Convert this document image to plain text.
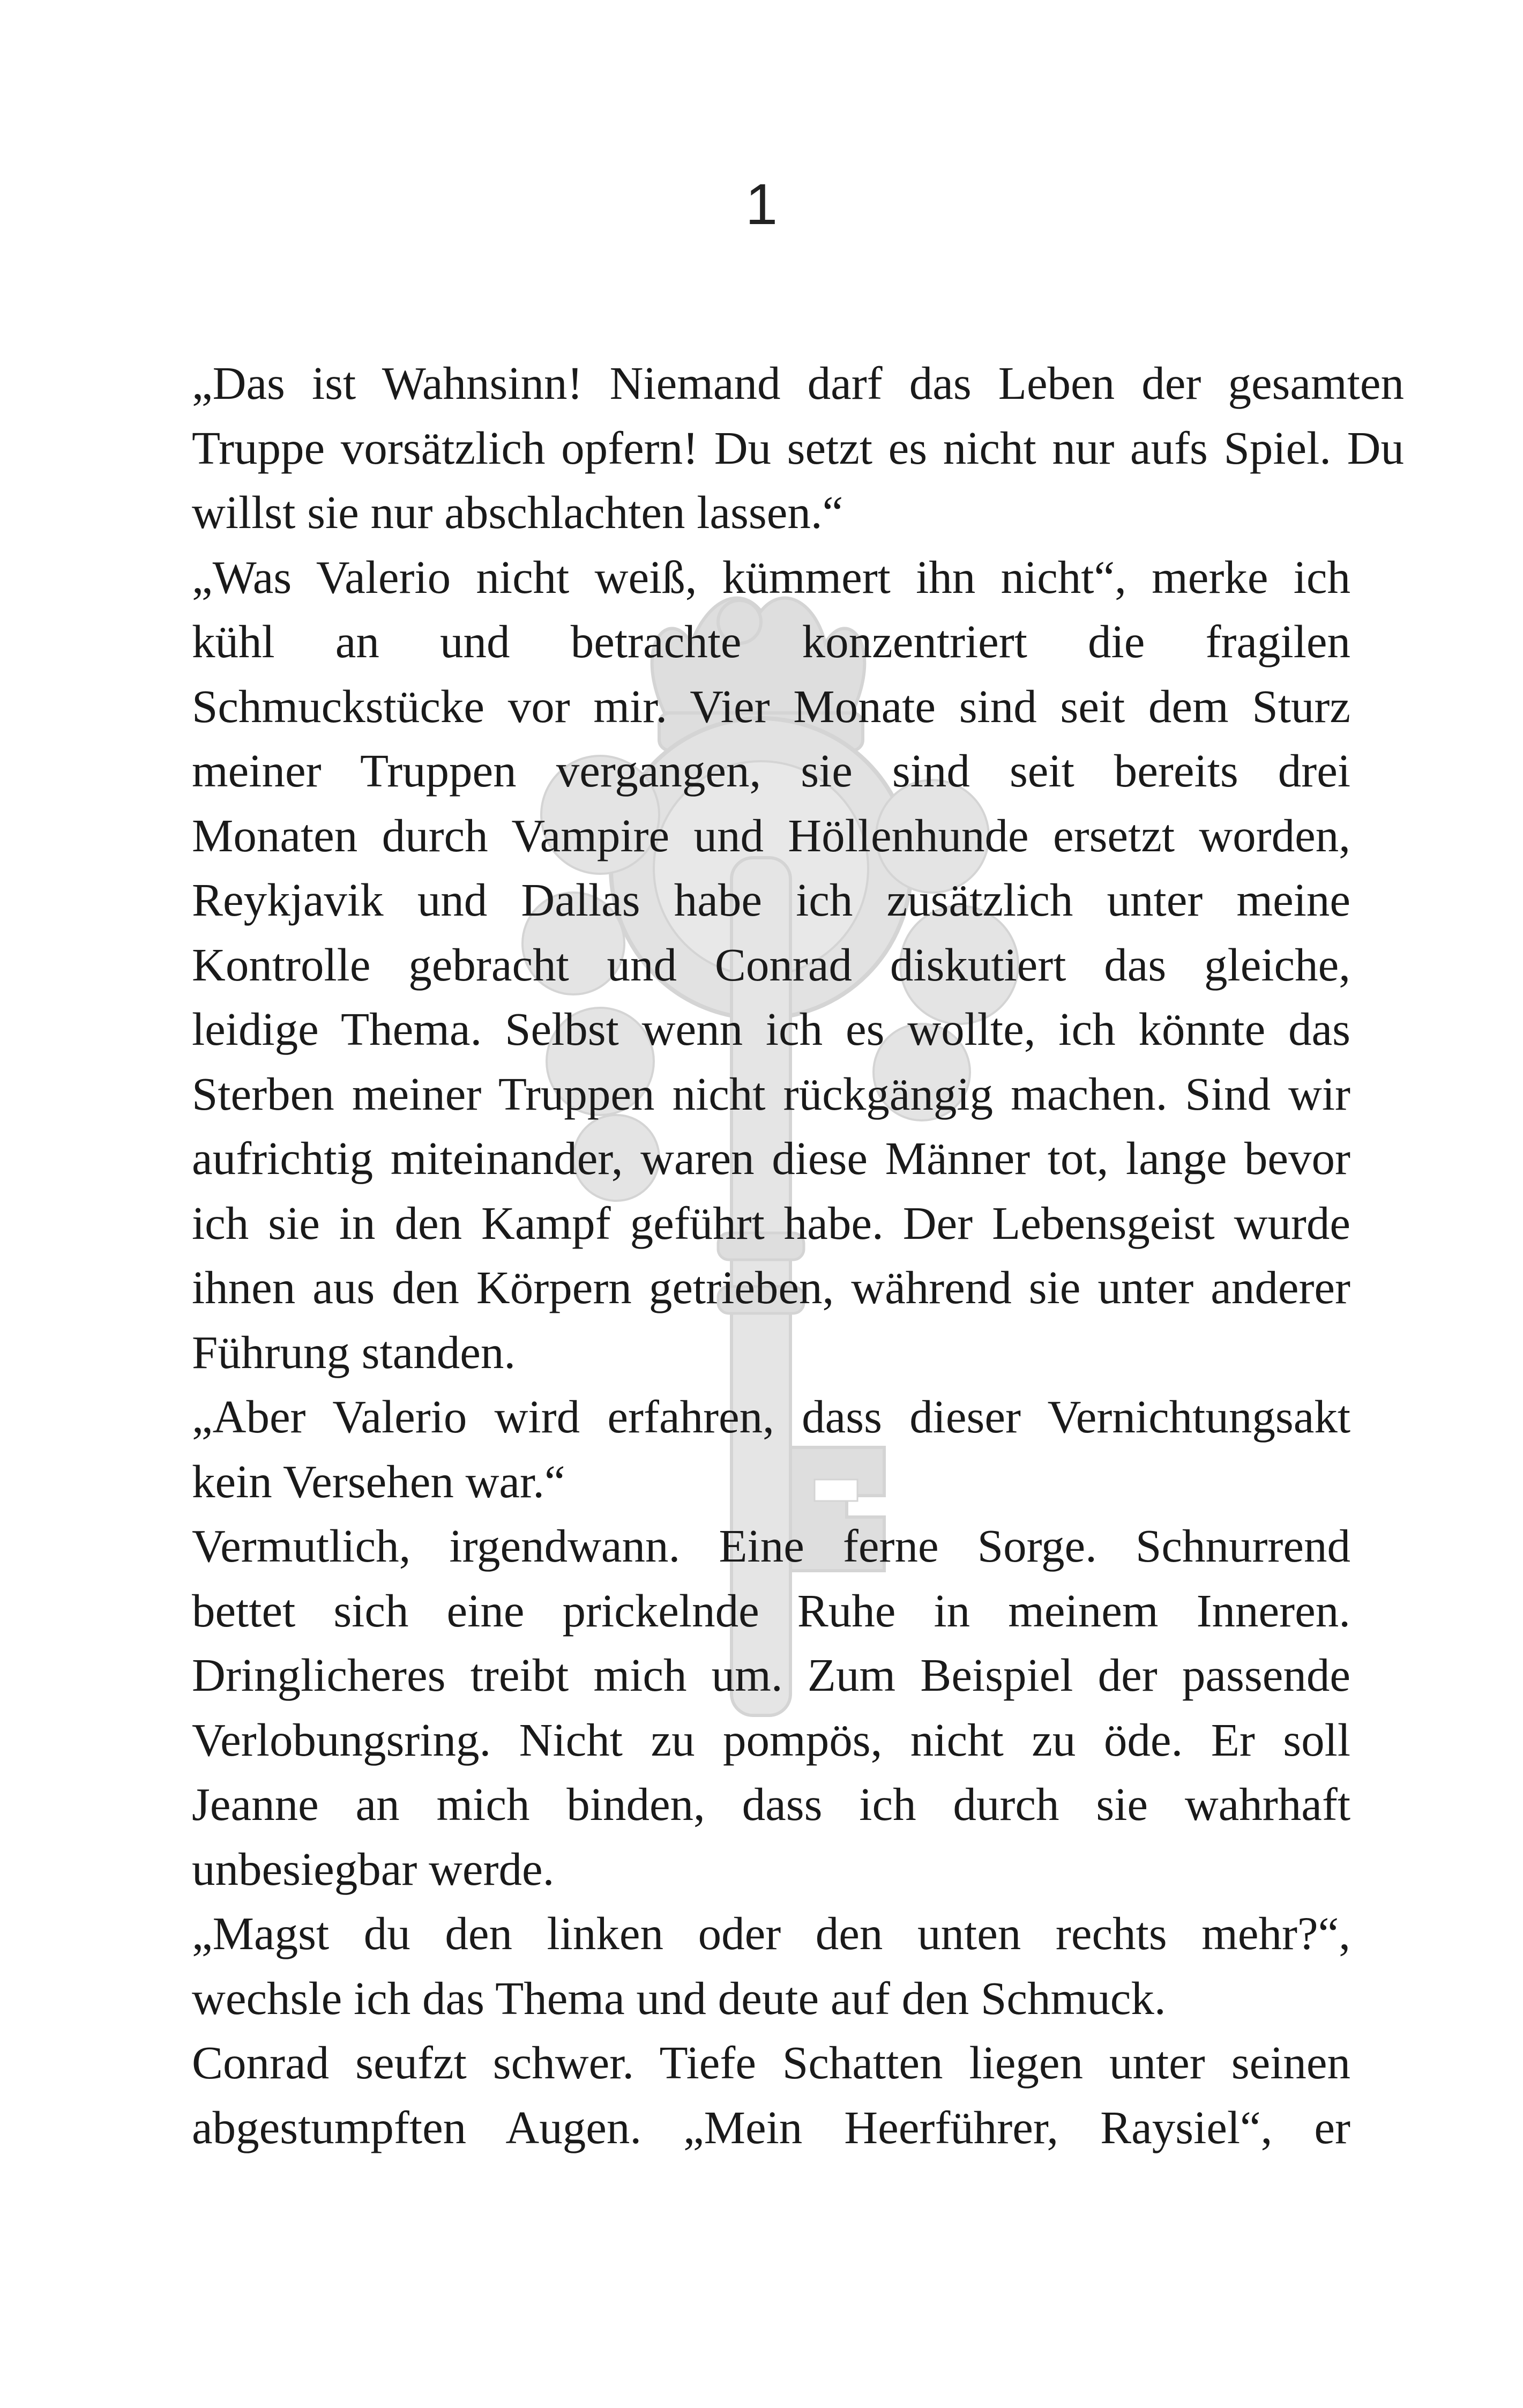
1
„Das ist Wahnsinn! Niemand darf das Leben der gesamten
Truppe vorsätzlich opfern! Du setzt es nicht nur aufs Spiel. Du
willst sie nur abschlachten lassen.“
„Was Valerio nicht weiß, kümmert ihn nicht“, merke ich
kühl an und betrachte konzentriert die fragilen
Schmuckstücke vor mir. Vier Monate sind seit dem Sturz
meiner Truppen vergangen, sie sind seit bereits drei
Monaten durch Vampire und Höllenhunde ersetzt worden,
Reykjavik und Dallas habe ich zusätzlich unter meine
Kontrolle gebracht und Conrad diskutiert das gleiche,
leidige Thema. Selbst wenn ich es wollte, ich könnte das
Sterben meiner Truppen nicht rückgängig machen. Sind wir
aufrichtig miteinander, waren diese Männer tot, lange bevor
ich sie in den Kampf geführt habe. Der Lebensgeist wurde
ihnen aus den Körpern getrieben, während sie unter anderer
Führung standen.
„Aber Valerio wird erfahren, dass dieser Vernichtungsakt
kein Versehen war.“
Vermutlich, irgendwann. Eine ferne Sorge. Schnurrend
bettet sich eine prickelnde Ruhe in meinem Inneren.
Dringlicheres treibt mich um. Zum Beispiel der passende
Verlobungsring. Nicht zu pompös, nicht zu öde. Er soll
Jeanne an mich binden, dass ich durch sie wahrhaft
unbesiegbar werde.
„Magst du den linken oder den unten rechts mehr?“,
wechsle ich das Thema und deute auf den Schmuck.
Conrad seufzt schwer. Tiefe Schatten liegen unter seinen
abgestumpften Augen. „Mein Heerführer, Raysiel“, er
